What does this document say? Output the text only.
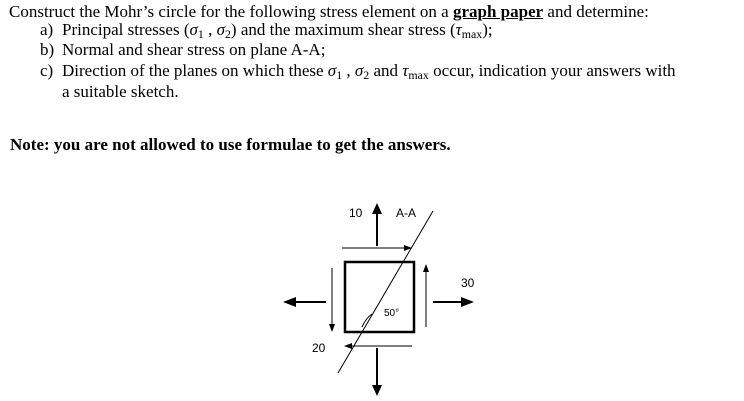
Construct the Mohr’s circle for the following stress element on a graph paper and determine:
a) Principal stresses ($\sigma_1$ , $\sigma_2$) and the maximum shear stress $(\tau_{max})$;
b) Normal and shear stress on plane A-A;
c) Direction of the planes on which these $\sigma_1$ , $\sigma_2$ and $\tau_{max}$ occur, indication your answers with
a suitable sketch.
Note: you are not allowed to use formulae to get the answers.
10	A-A
30
20
50°
